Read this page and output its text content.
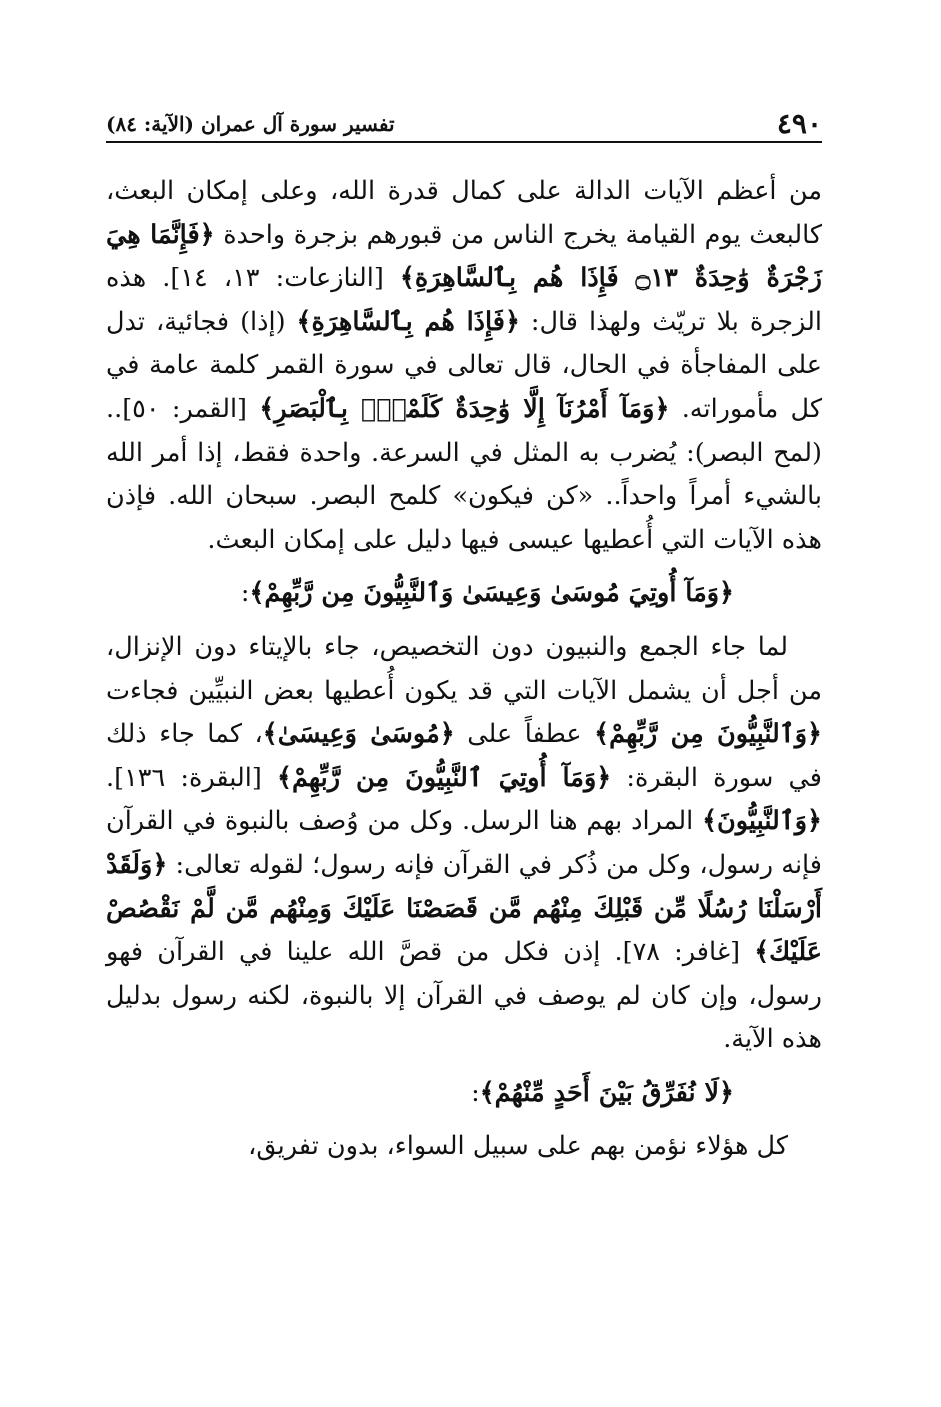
٤٩٠
تفسير سورة آل عمران (الآية: ٨٤)

من أعظم الآيات الدالة على كمال قدرة الله، وعلى إمكان البعث، كالبعث يوم القيامة يخرج الناس من قبورهم بزجرة واحدة ﴿فَإِنَّمَا هِيَ زَجْرَةٌ وَٰحِدَةٌ ۝١٣ فَإِذَا هُم بِٱلسَّاهِرَةِ﴾ [النازعات: ١٣، ١٤]. هذه الزجرة بلا تريّث ولهذا قال: ﴿فَإِذَا هُم بِٱلسَّاهِرَةِ﴾ (إذا) فجائية، تدل على المفاجأة في الحال، قال تعالى في سورة القمر كلمة عامة في كل مأموراته. ﴿وَمَآ أَمْرُنَآ إِلَّا وَٰحِدَةٌ كَلَمْحٍۭ بِٱلْبَصَرِ﴾ [القمر: ٥٠].. (لمح البصر): يُضرب به المثل في السرعة. واحدة فقط، إذا أمر الله بالشيء أمراً واحداً.. «كن فيكون» كلمح البصر. سبحان الله. فإذن هذه الآيات التي أُعطيها عيسى فيها دليل على إمكان البعث.

﴿وَمَآ أُوتِيَ مُوسَىٰ وَعِيسَىٰ وَٱلنَّبِيُّونَ مِن رَّبِّهِمْ﴾:

لما جاء الجمع والنبيون دون التخصيص، جاء بالإيتاء دون الإنزال، من أجل أن يشمل الآيات التي قد يكون أُعطيها بعض النبيِّين فجاءت ﴿وَٱلنَّبِيُّونَ مِن رَّبِّهِمْ﴾ عطفاً على ﴿مُوسَىٰ وَعِيسَىٰ﴾، كما جاء ذلك في سورة البقرة: ﴿وَمَآ أُوتِيَ ٱلنَّبِيُّونَ مِن رَّبِّهِمْ﴾ [البقرة: ١٣٦]. ﴿وَٱلنَّبِيُّونَ﴾ المراد بهم هنا الرسل. وكل من وُصف بالنبوة في القرآن فإنه رسول، وكل من ذُكر في القرآن فإنه رسول؛ لقوله تعالى: ﴿وَلَقَدْ أَرْسَلْنَا رُسُلًا مِّن قَبْلِكَ مِنْهُم مَّن قَصَصْنَا عَلَيْكَ وَمِنْهُم مَّن لَّمْ نَقْصُصْ عَلَيْكَ﴾ [غافر: ٧٨]. إذن فكل من قصَّ الله علينا في القرآن فهو رسول، وإن كان لم يوصف في القرآن إلا بالنبوة، لكنه رسول بدليل هذه الآية.

﴿لَا نُفَرِّقُ بَيْنَ أَحَدٍ مِّنْهُمْ﴾:

كل هؤلاء نؤمن بهم على سبيل السواء، بدون تفريق،
